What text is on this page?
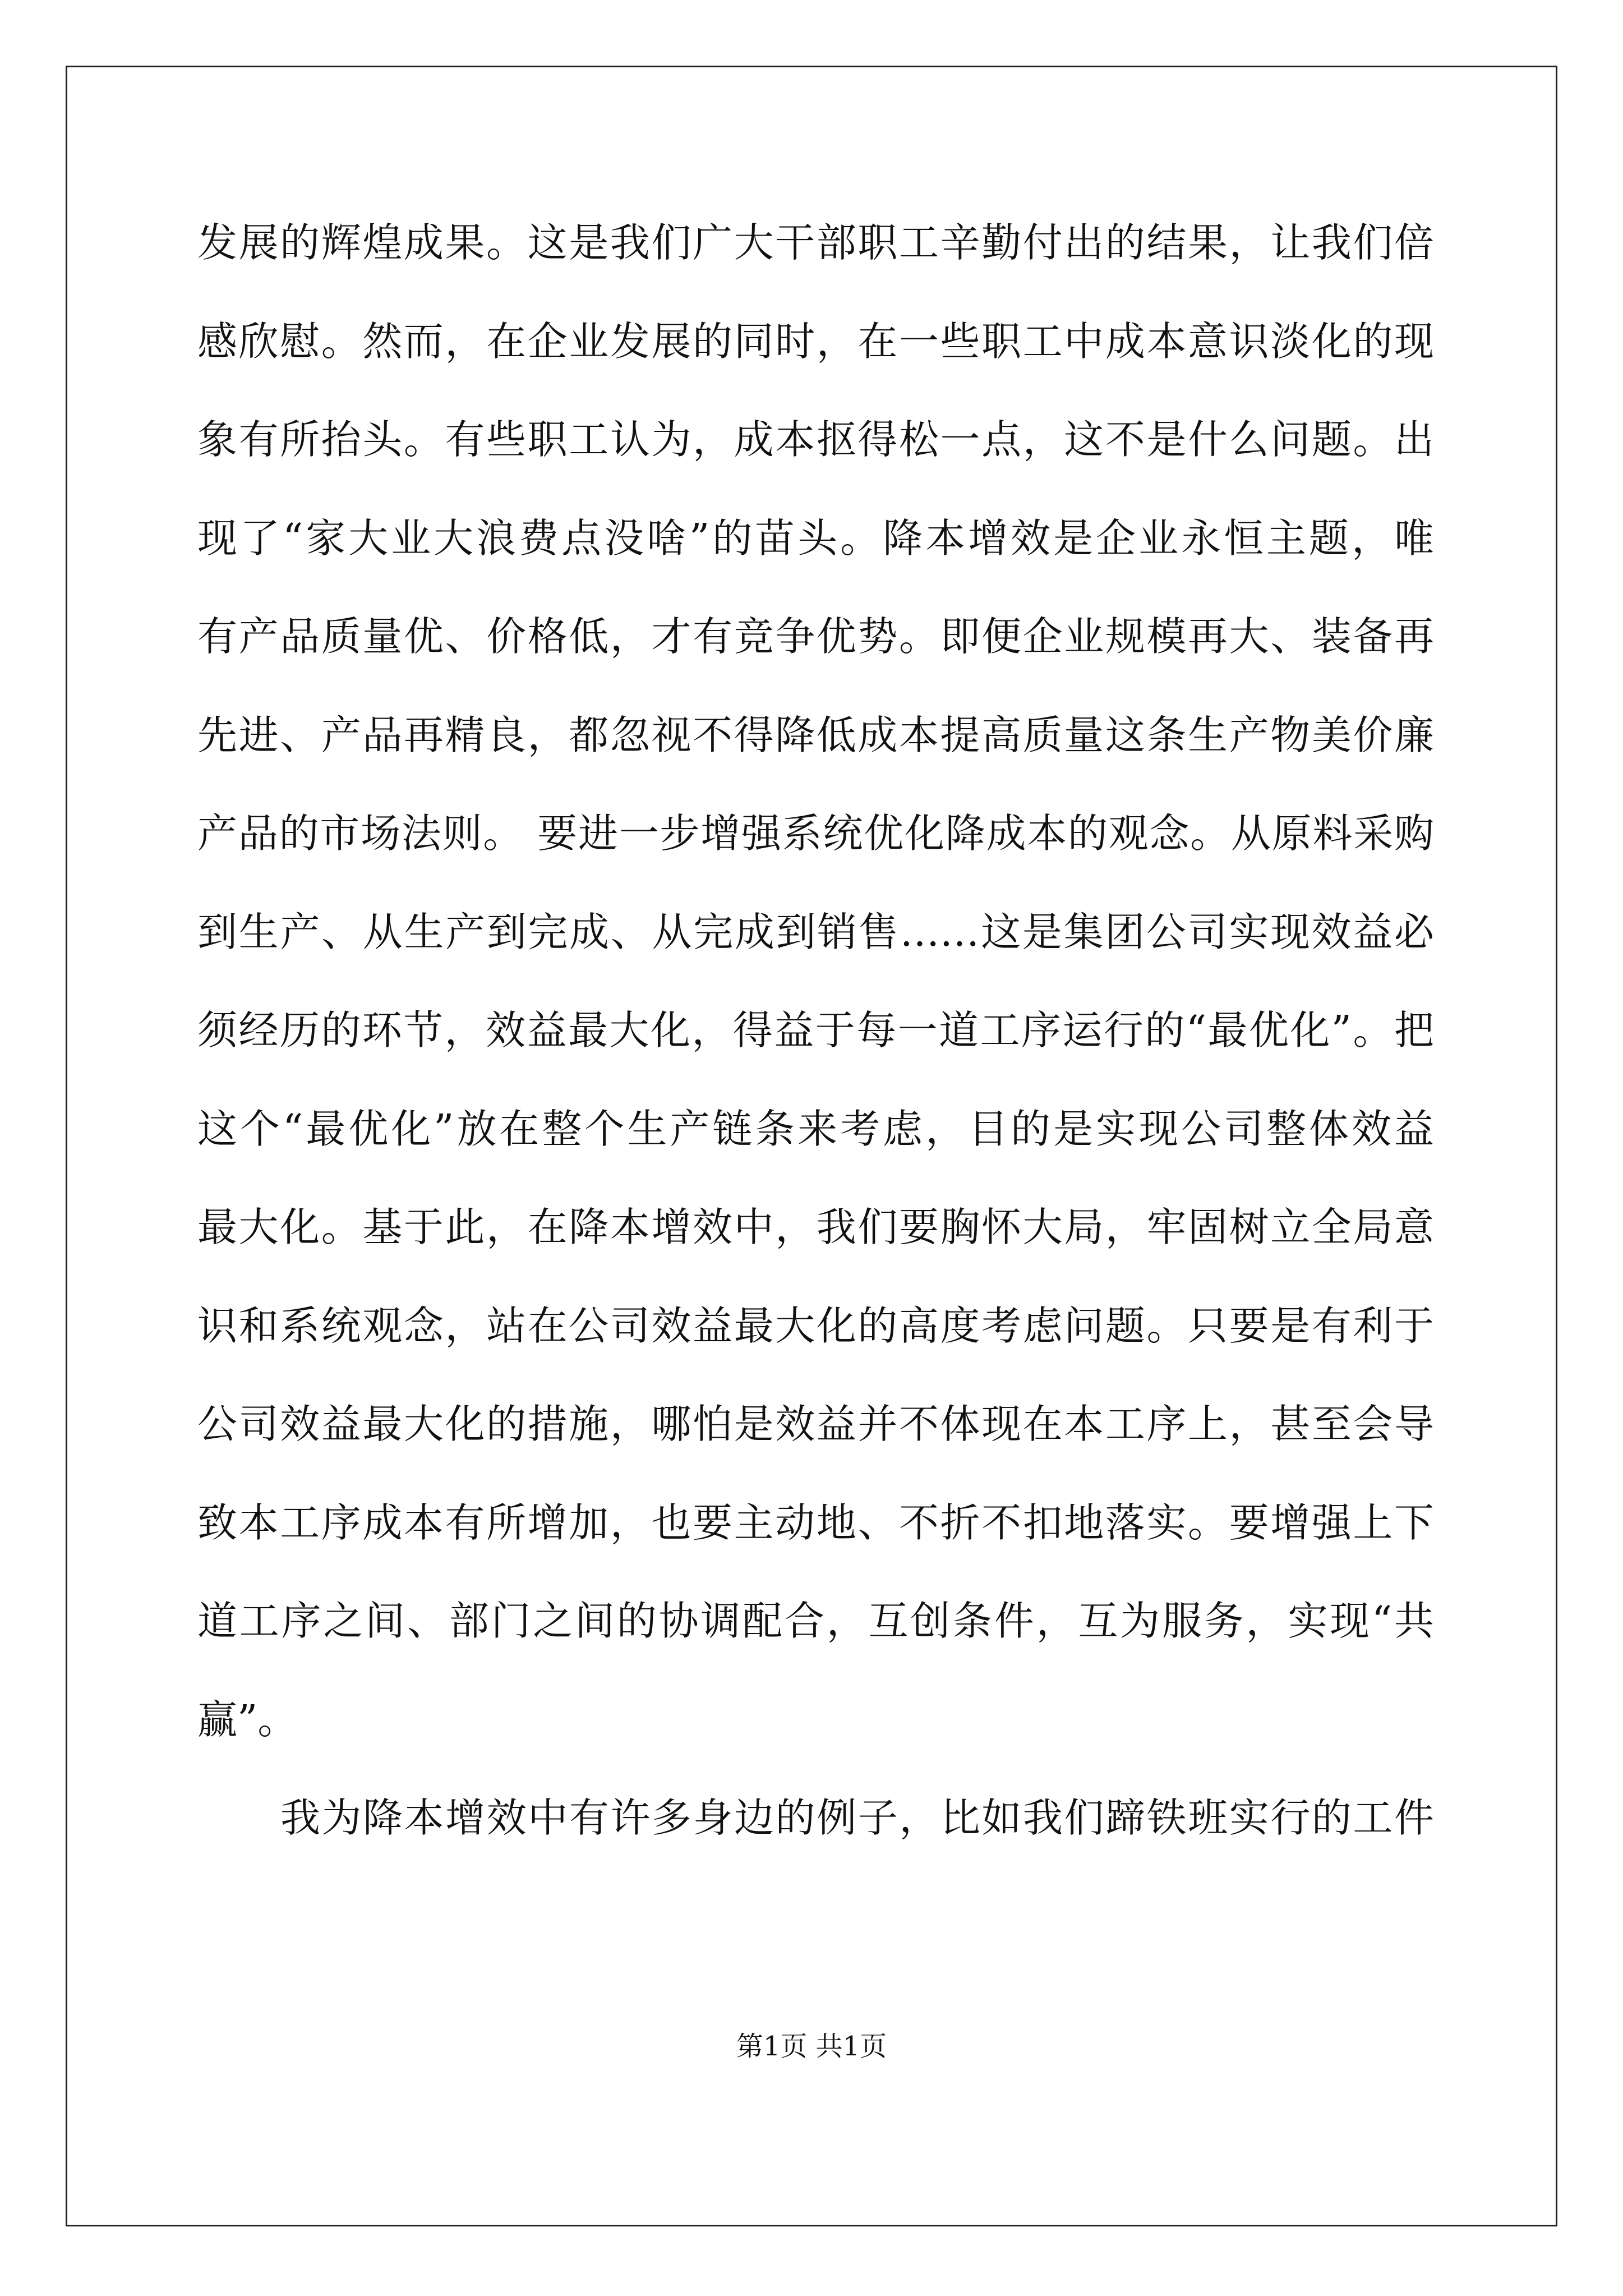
发展的辉煌成果。这是我们广大干部职工辛勤付出的结果，让我们倍
感欣慰。然而，在企业发展的同时，在一些职工中成本意识淡化的现
象有所抬头。有些职工认为，成本抠得松一点，这不是什么问题。出
现了“家大业大浪费点没啥”的苗头。降本增效是企业永恒主题，唯
有产品质量优、价格低，才有竞争优势。即便企业规模再大、装备再
先进、产品再精良，都忽视不得降低成本提高质量这条生产物美价廉
产品的市场法则。 要进一步增强系统优化降成本的观念。从原料采购
到生产、从生产到完成、从完成到销售……这是集团公司实现效益必
须经历的环节，效益最大化，得益于每一道工序运行的“最优化”。把
这个“最优化”放在整个生产链条来考虑，目的是实现公司整体效益
最大化。基于此，在降本增效中，我们要胸怀大局，牢固树立全局意
识和系统观念，站在公司效益最大化的高度考虑问题。只要是有利于
公司效益最大化的措施，哪怕是效益并不体现在本工序上，甚至会导
致本工序成本有所增加，也要主动地、不折不扣地落实。要增强上下
道工序之间、部门之间的协调配合，互创条件，互为服务，实现“共
赢”。
我为降本增效中有许多身边的例子，比如我们蹄铁班实行的工件
第1页 共1页
